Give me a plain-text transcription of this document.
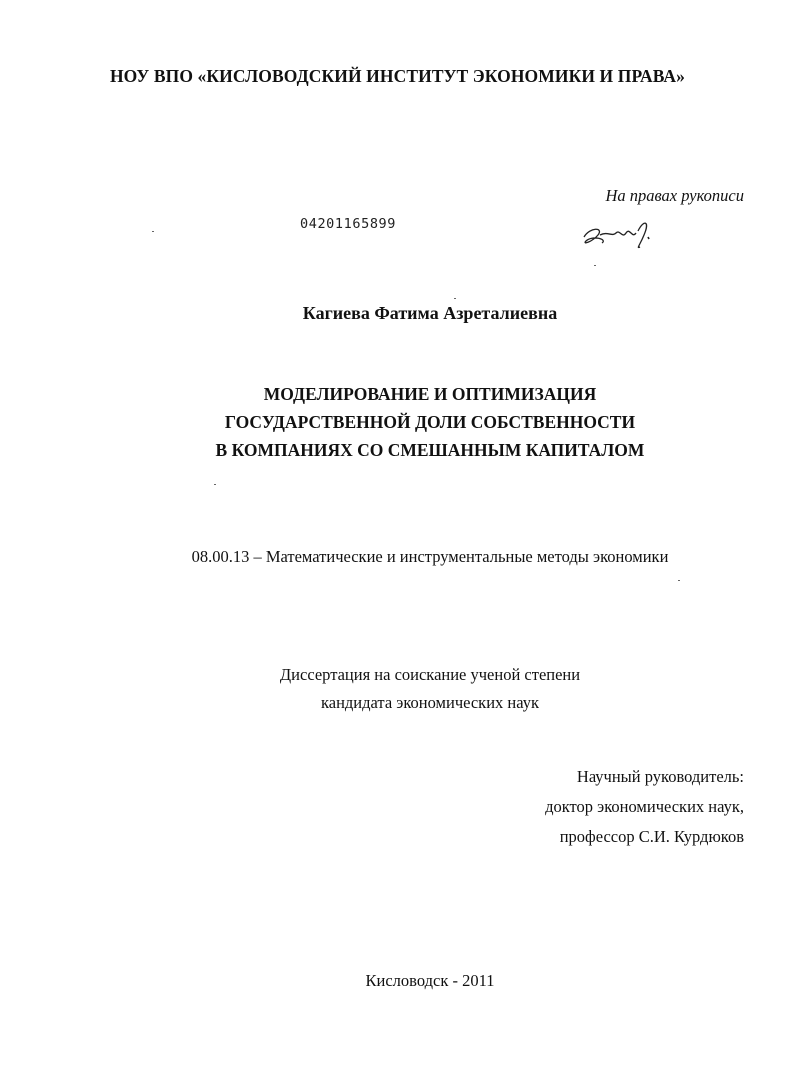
НОУ ВПО «КИСЛОВОДСКИЙ ИНСТИТУТ ЭКОНОМИКИ И ПРАВА»
На правах рукописи
04201165899
Кагиева Фатима Азреталиевна
МОДЕЛИРОВАНИЕ И ОПТИМИЗАЦИЯ
ГОСУДАРСТВЕННОЙ ДОЛИ СОБСТВЕННОСТИ
В КОМПАНИЯХ СО СМЕШАННЫМ КАПИТАЛОМ
08.00.13 – Математические и инструментальные методы экономики
Диссертация на соискание ученой степени
кандидата экономических наук
Научный руководитель:
доктор экономических наук,
профессор С.И. Курдюков
Кисловодск - 2011
